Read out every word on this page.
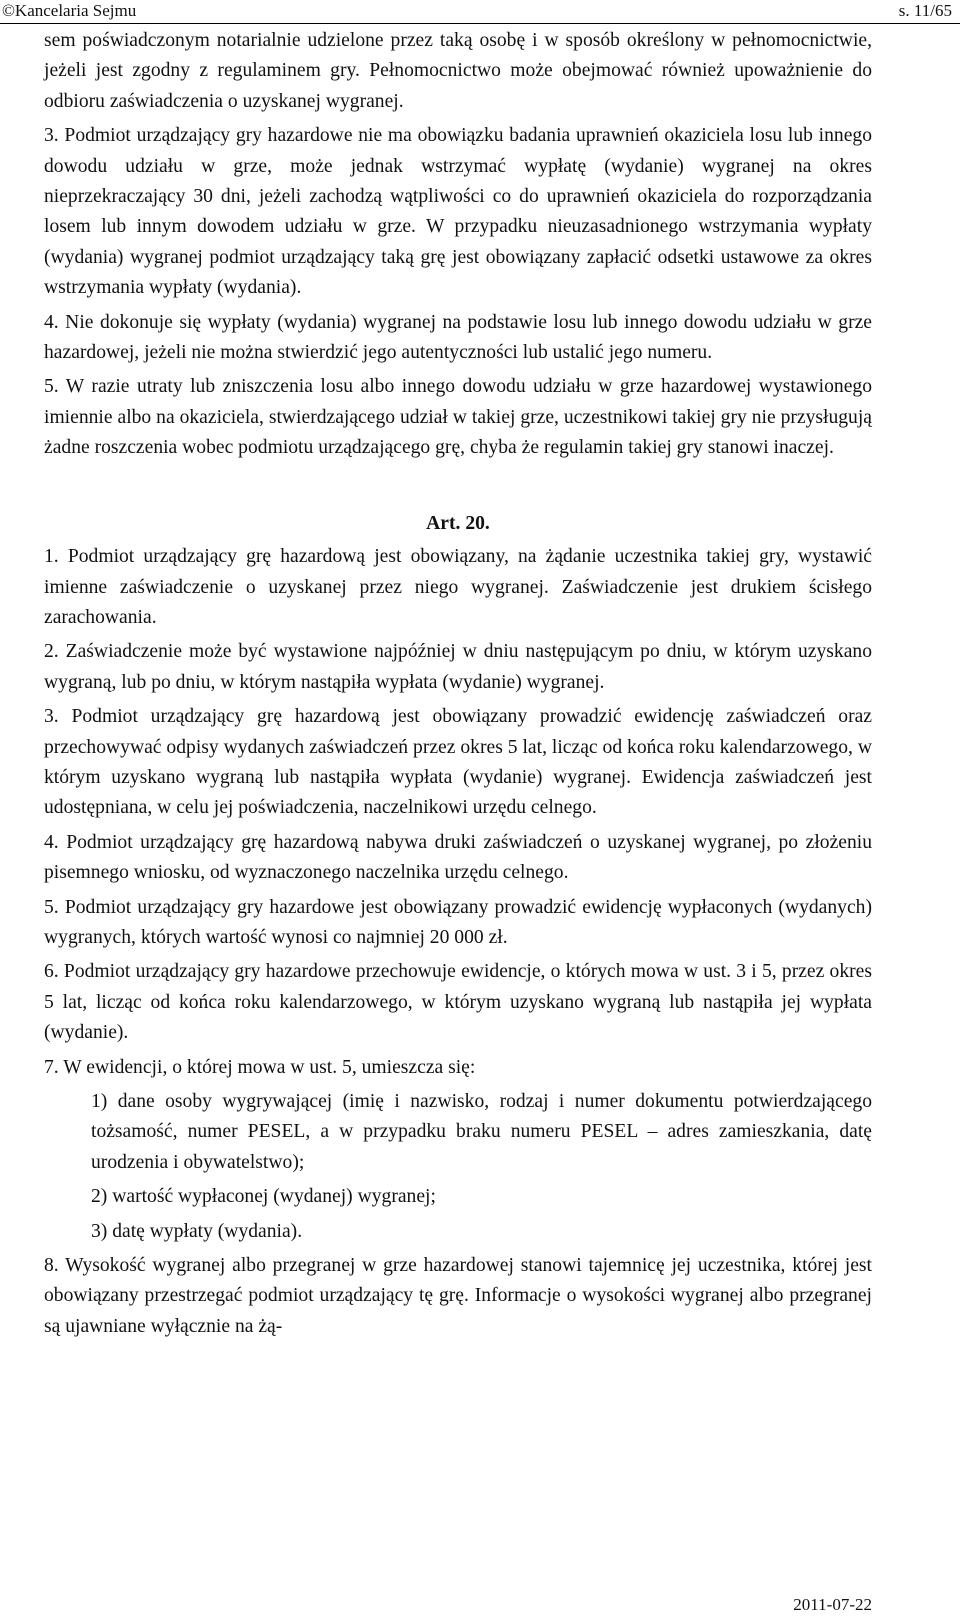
©Kancelaria Sejmu	s. 11/65

sem poświadczonym notarialnie udzielone przez taką osobę i w sposób określony w pełnomocnictwie, jeżeli jest zgodny z regulaminem gry. Pełnomocnictwo może obejmować również upoważnienie do odbioru zaświadczenia o uzyskanej wygranej.

3. Podmiot urządzający gry hazardowe nie ma obowiązku badania uprawnień okaziciela losu lub innego dowodu udziału w grze, może jednak wstrzymać wypłatę (wydanie) wygranej na okres nieprzekraczający 30 dni, jeżeli zachodzą wątpliwości co do uprawnień okaziciela do rozporządzania losem lub innym dowodem udziału w grze. W przypadku nieuzasadnionego wstrzymania wypłaty (wydania) wygranej podmiot urządzający taką grę jest obowiązany zapłacić odsetki ustawowe za okres wstrzymania wypłaty (wydania).

4. Nie dokonuje się wypłaty (wydania) wygranej na podstawie losu lub innego dowodu udziału w grze hazardowej, jeżeli nie można stwierdzić jego autentyczności lub ustalić jego numeru.

5. W razie utraty lub zniszczenia losu albo innego dowodu udziału w grze hazardowej wystawionego imiennie albo na okaziciela, stwierdzającego udział w takiej grze, uczestnikowi takiej gry nie przysługują żadne roszczenia wobec podmiotu urządzającego grę, chyba że regulamin takiej gry stanowi inaczej.

Art. 20.

1. Podmiot urządzający grę hazardową jest obowiązany, na żądanie uczestnika takiej gry, wystawić imienne zaświadczenie o uzyskanej przez niego wygranej. Zaświadczenie jest drukiem ścisłego zarachowania.

2. Zaświadczenie może być wystawione najpóźniej w dniu następującym po dniu, w którym uzyskano wygraną, lub po dniu, w którym nastąpiła wypłata (wydanie) wygranej.

3. Podmiot urządzający grę hazardową jest obowiązany prowadzić ewidencję zaświadczeń oraz przechowywać odpisy wydanych zaświadczeń przez okres 5 lat, licząc od końca roku kalendarzowego, w którym uzyskano wygraną lub nastąpiła wypłata (wydanie) wygranej. Ewidencja zaświadczeń jest udostępniana, w celu jej poświadczenia, naczelnikowi urzędu celnego.

4. Podmiot urządzający grę hazardową nabywa druki zaświadczeń o uzyskanej wygranej, po złożeniu pisemnego wniosku, od wyznaczonego naczelnika urzędu celnego.

5. Podmiot urządzający gry hazardowe jest obowiązany prowadzić ewidencję wypłaconych (wydanych) wygranych, których wartość wynosi co najmniej 20 000 zł.

6. Podmiot urządzający gry hazardowe przechowuje ewidencje, o których mowa w ust. 3 i 5, przez okres 5 lat, licząc od końca roku kalendarzowego, w którym uzyskano wygraną lub nastąpiła jej wypłata (wydanie).

7. W ewidencji, o której mowa w ust. 5, umieszcza się:

1) dane osoby wygrywającej (imię i nazwisko, rodzaj i numer dokumentu potwierdzającego tożsamość, numer PESEL, a w przypadku braku numeru PESEL – adres zamieszkania, datę urodzenia i obywatelstwo);
2) wartość wypłaconej (wydanej) wygranej;
3) datę wypłaty (wydania).

8. Wysokość wygranej albo przegranej w grze hazardowej stanowi tajemnicę jej uczestnika, której jest obowiązany przestrzegać podmiot urządzający tę grę. Informacje o wysokości wygranej albo przegranej są ujawniane wyłącznie na żą-

2011-07-22
